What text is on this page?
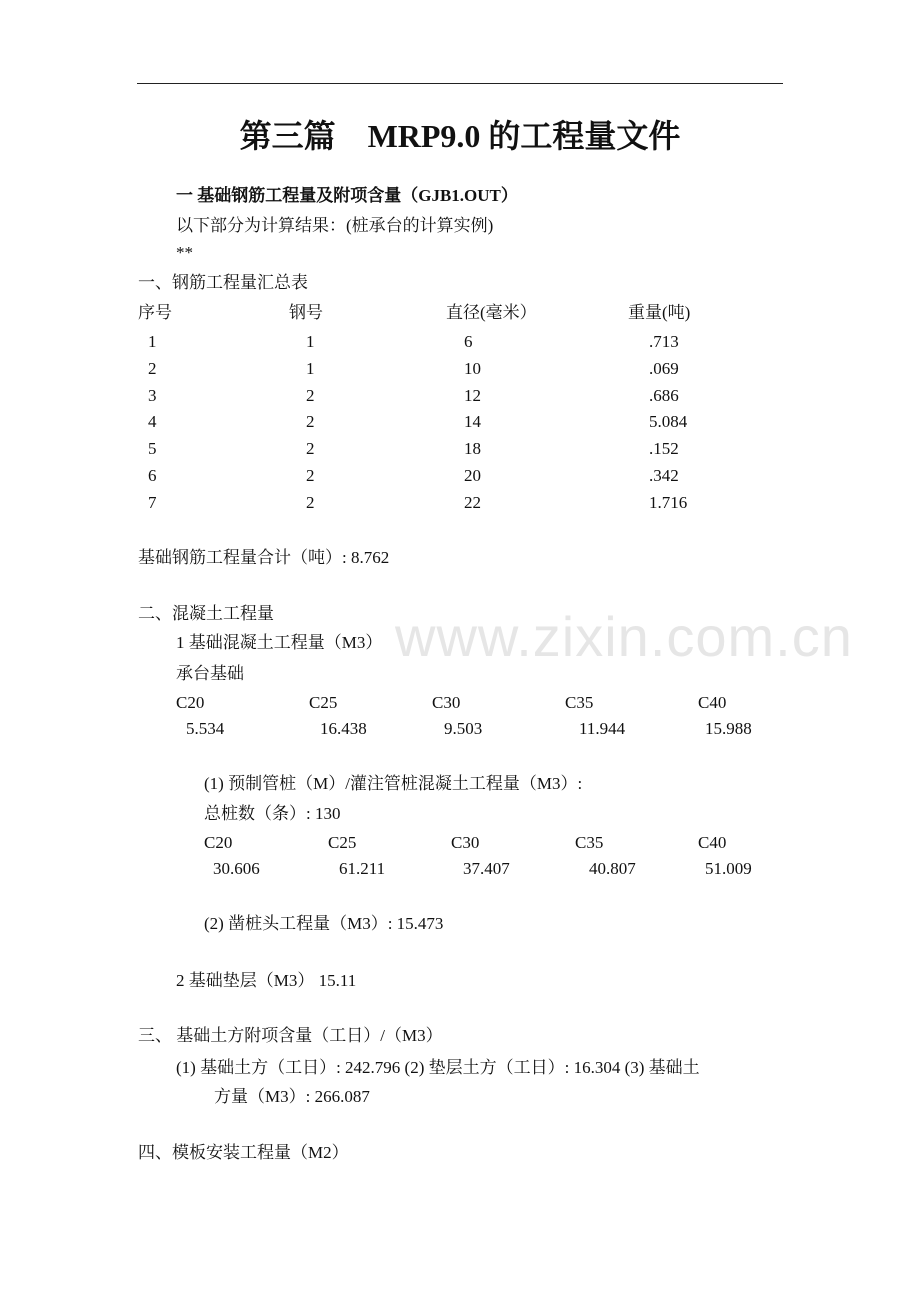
第三篇　MRP9.0 的工程量文件
一 基础钢筋工程量及附项含量（GJB1.OUT）
以下部分为计算结果：(桩承台的计算实例)
**
一、钢筋工程量汇总表
序号	钢号	直径(毫米）	重量(吨)
1	1	6	.713
2	1	10	.069
3	2	12	.686
4	2	14	5.084
5	2	18	.152
6	2	20	.342
7	2	22	1.716
基础钢筋工程量合计（吨）: 8.762
www.zixin.com.cn
二、混凝土工程量
1 基础混凝土工程量（M3）
承台基础
C20	C25	C30	C35	C40
5.534	16.438	9.503	11.944	15.988
(1) 预制管桩（M）/灌注管桩混凝土工程量（M3）:
总桩数（条）: 130
C20	C25	C30	C35	C40
30.606	61.211	37.407	40.807	51.009
(2) 凿桩头工程量（M3）: 15.473
2 基础垫层（M3） 15.11
三、 基础土方附项含量（工日）/（M3）
(1) 基础土方（工日）: 242.796 (2) 垫层土方（工日）: 16.304 (3) 基础土
方量（M3）: 266.087
四、模板安装工程量（M2）
